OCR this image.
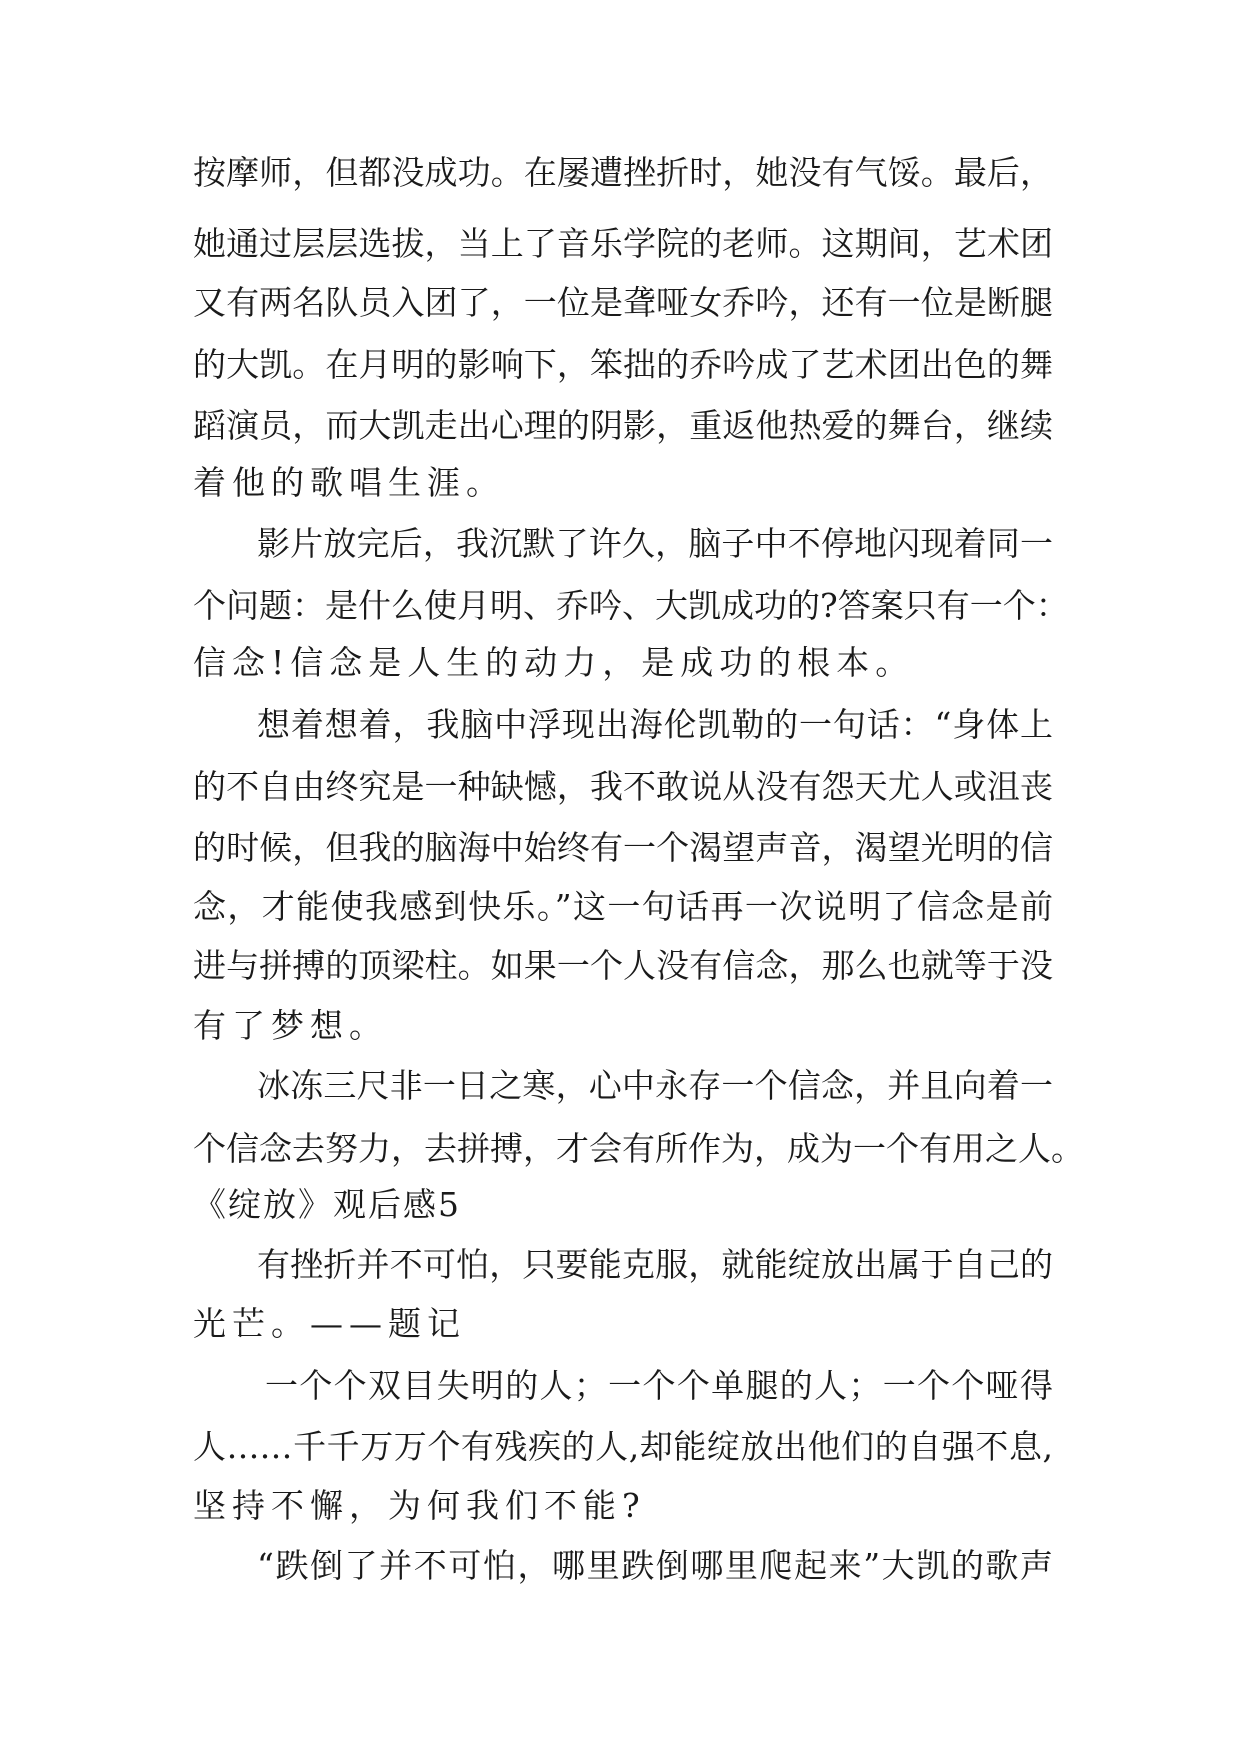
按摩师，但都没成功。在屡遭挫折时，她没有气馁。最后，
她通过层层选拔，当上了音乐学院的老师。这期间，艺术团
又有两名队员入团了，一位是聋哑女乔吟，还有一位是断腿
的大凯。在月明的影响下，笨拙的乔吟成了艺术团出色的舞
蹈演员，而大凯走出心理的阴影，重返他热爱的舞台，继续
着他的歌唱生涯。
影片放完后，我沉默了许久，脑子中不停地闪现着同一
个问题：是什么使月明、乔吟、大凯成功的?答案只有一个：
信念!信念是人生的动力，是成功的根本。
想着想着，我脑中浮现出海伦凯勒的一句话：“身体上
的不自由终究是一种缺憾，我不敢说从没有怨天尤人或沮丧
的时候，但我的脑海中始终有一个渴望声音，渴望光明的信
念，才能使我感到快乐。”这一句话再一次说明了信念是前
进与拼搏的顶梁柱。如果一个人没有信念，那么也就等于没
有了梦想。
冰冻三尺非一日之寒，心中永存一个信念，并且向着一
个信念去努力，去拼搏，才会有所作为，成为一个有用之人。
《绽放》观后感5
有挫折并不可怕，只要能克服，就能绽放出属于自己的
光芒。——题记
一个个双目失明的人；一个个单腿的人；一个个哑得
人……千千万万个有残疾的人,却能绽放出他们的自强不息,
坚持不懈，为何我们不能?
“跌倒了并不可怕，哪里跌倒哪里爬起来”大凯的歌声
